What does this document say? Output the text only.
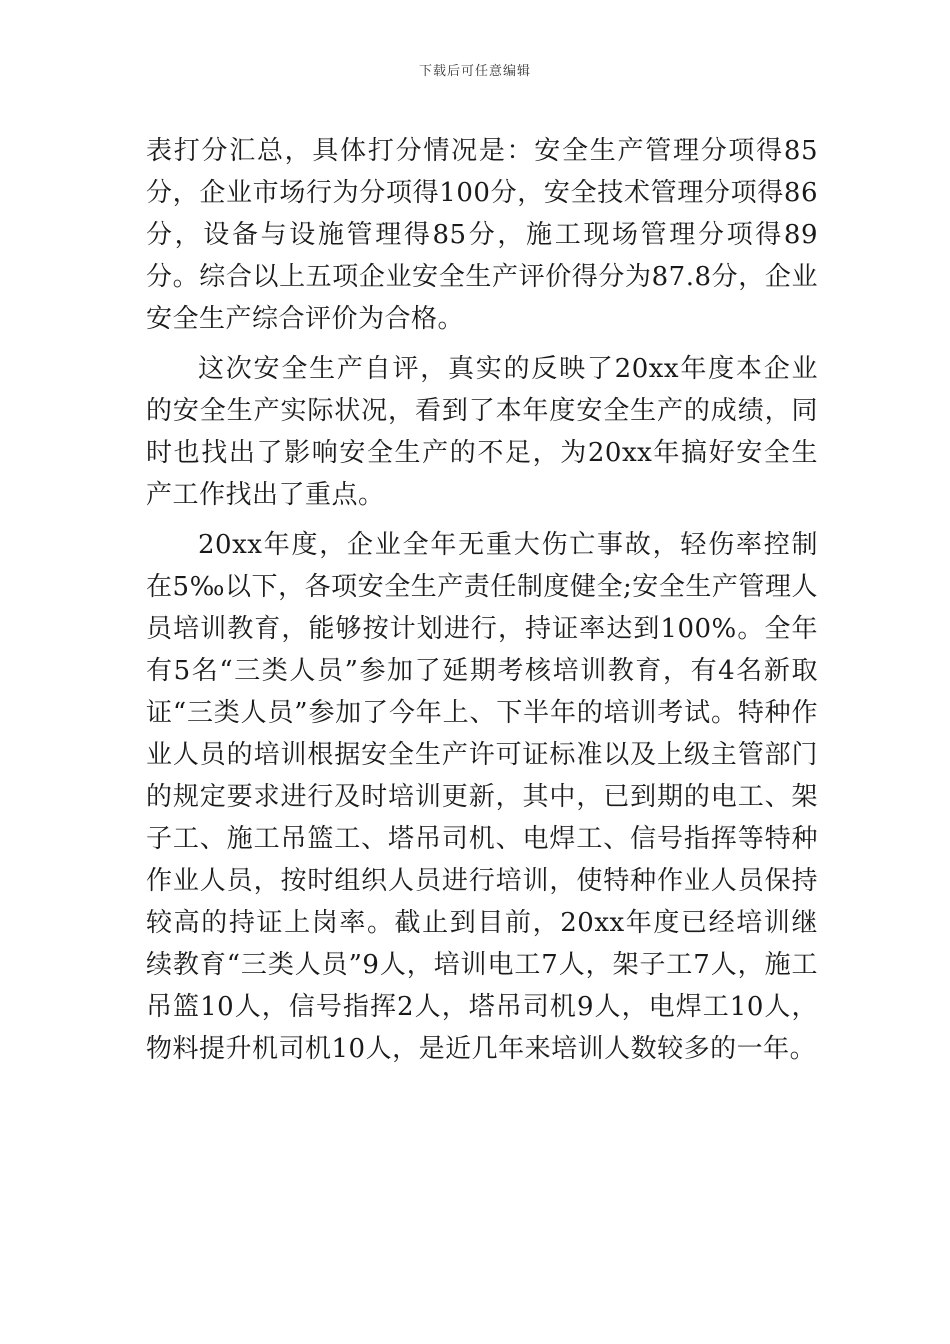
下载后可任意编辑

表打分汇总，具体打分情况是：安全生产管理分项得85分，企业市场行为分项得100分，安全技术管理分项得86分，设备与设施管理得85分，施工现场管理分项得89分。综合以上五项企业安全生产评价得分为87.8分，企业安全生产综合评价为合格。

这次安全生产自评，真实的反映了20xx年度本企业的安全生产实际状况，看到了本年度安全生产的成绩，同时也找出了影响安全生产的不足，为20xx年搞好安全生产工作找出了重点。

20xx年度，企业全年无重大伤亡事故，轻伤率控制在5‰以下，各项安全生产责任制度健全;安全生产管理人员培训教育，能够按计划进行，持证率达到100%。全年有5名“三类人员”参加了延期考核培训教育，有4名新取证“三类人员”参加了今年上、下半年的培训考试。特种作业人员的培训根据安全生产许可证标准以及上级主管部门的规定要求进行及时培训更新，其中，已到期的电工、架子工、施工吊篮工、塔吊司机、电焊工、信号指挥等特种作业人员，按时组织人员进行培训，使特种作业人员保持较高的持证上岗率。截止到目前，20xx年度已经培训继续教育“三类人员”9人，培训电工7人，架子工7人，施工吊篮10人，信号指挥2人，塔吊司机9人，电焊工10人，物料提升机司机10人，是近几年来培训人数较多的一年。
